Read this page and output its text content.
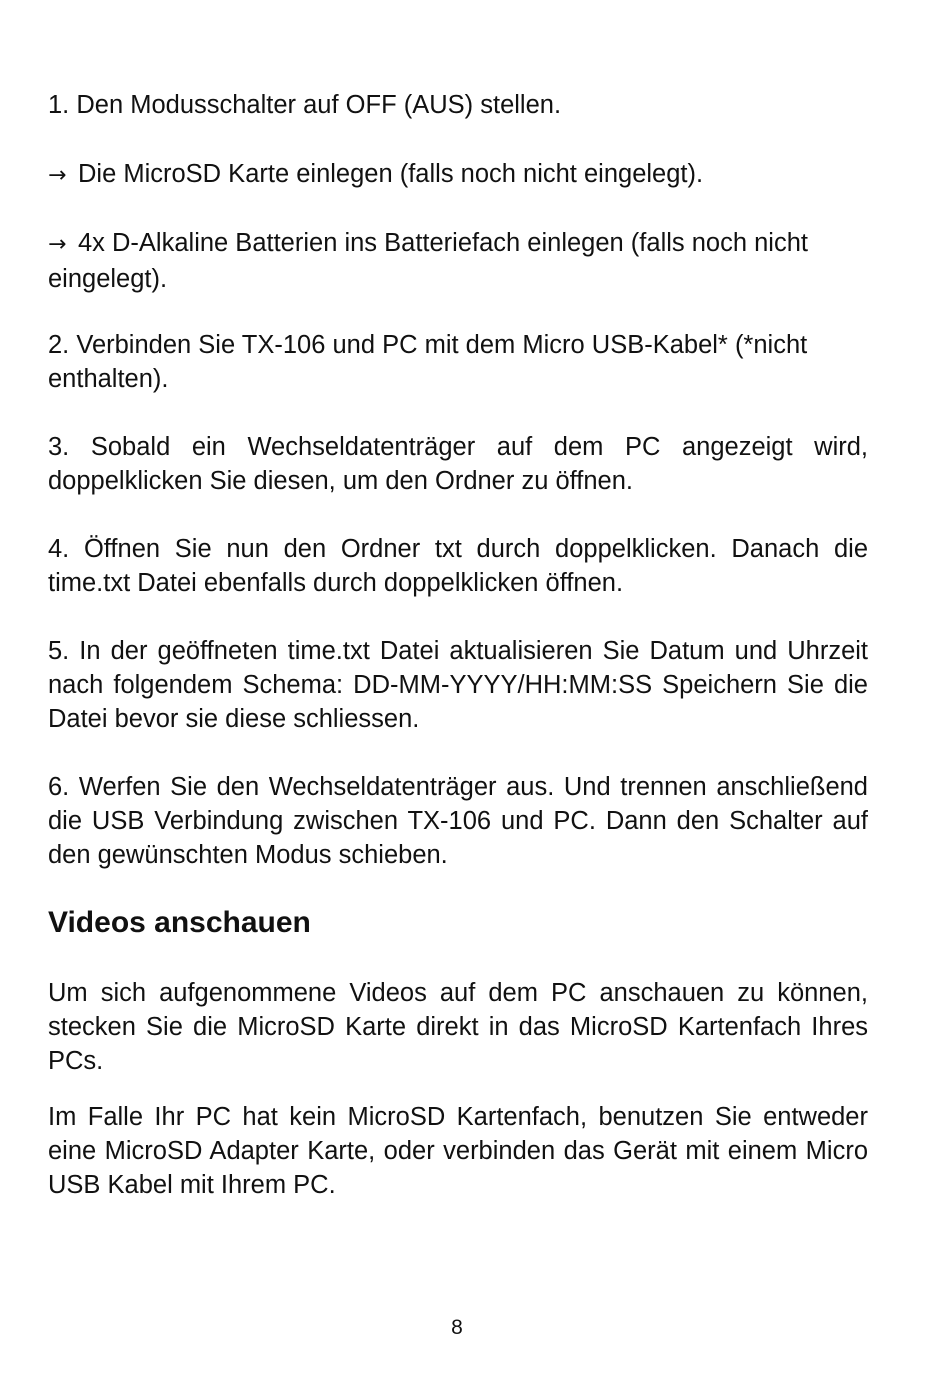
1. Den Modusschalter auf OFF (AUS) stellen.

→ Die MicroSD Karte einlegen (falls noch nicht eingelegt).

→ 4x D-Alkaline Batterien ins Batteriefach einlegen (falls noch nicht eingelegt).

2. Verbinden Sie TX-106 und PC mit dem Micro USB-Kabel* (*nicht enthalten).

3. Sobald ein Wechseldatenträger auf dem PC angezeigt wird, doppelklicken Sie diesen, um den Ordner zu öffnen.

4. Öffnen Sie nun den Ordner txt durch doppelklicken. Danach die time.txt Datei ebenfalls durch doppelklicken öffnen.

5. In der geöffneten time.txt Datei aktualisieren Sie Datum und Uhrzeit nach folgendem Schema: DD-MM-YYYY/HH:MM:SS Speichern Sie die Datei bevor sie diese schliessen.

6. Werfen Sie den Wechseldatenträger aus. Und trennen anschließend die USB Verbindung zwischen TX-106 und PC. Dann den Schalter auf den gewünschten Modus schieben.

Videos anschauen

Um sich aufgenommene Videos auf dem PC anschauen zu können, stecken Sie die MicroSD Karte direkt in das MicroSD Kartenfach Ihres PCs.

Im Falle Ihr PC hat kein MicroSD Kartenfach, benutzen Sie entweder eine MicroSD Adapter Karte, oder verbinden das Gerät mit einem Micro USB Kabel mit Ihrem PC.

8
